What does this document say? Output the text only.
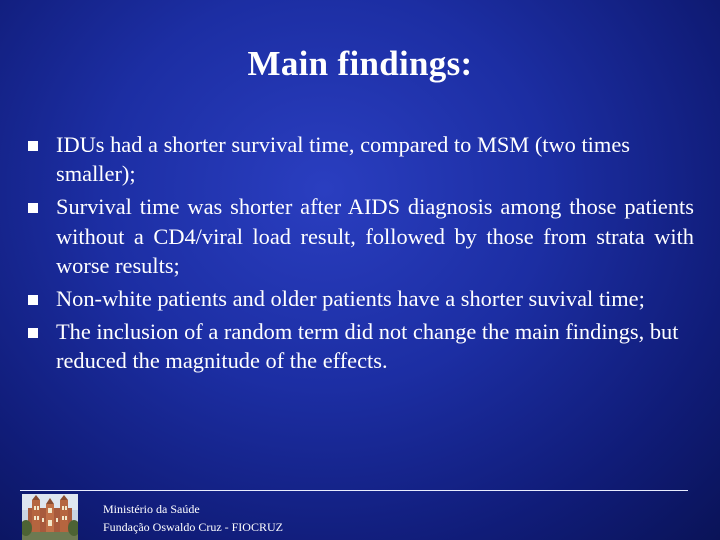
Main findings:
IDUs had a shorter survival time, compared to MSM (two times smaller);
Survival time was shorter after AIDS diagnosis among those patients without a CD4/viral load result, followed by those from strata with worse results;
Non-white patients and older patients have a shorter suvival time;
The inclusion of a random term did not change the main findings, but reduced the magnitude of the effects.
Ministério da Saúde
Fundação Oswaldo Cruz - FIOCRUZ
